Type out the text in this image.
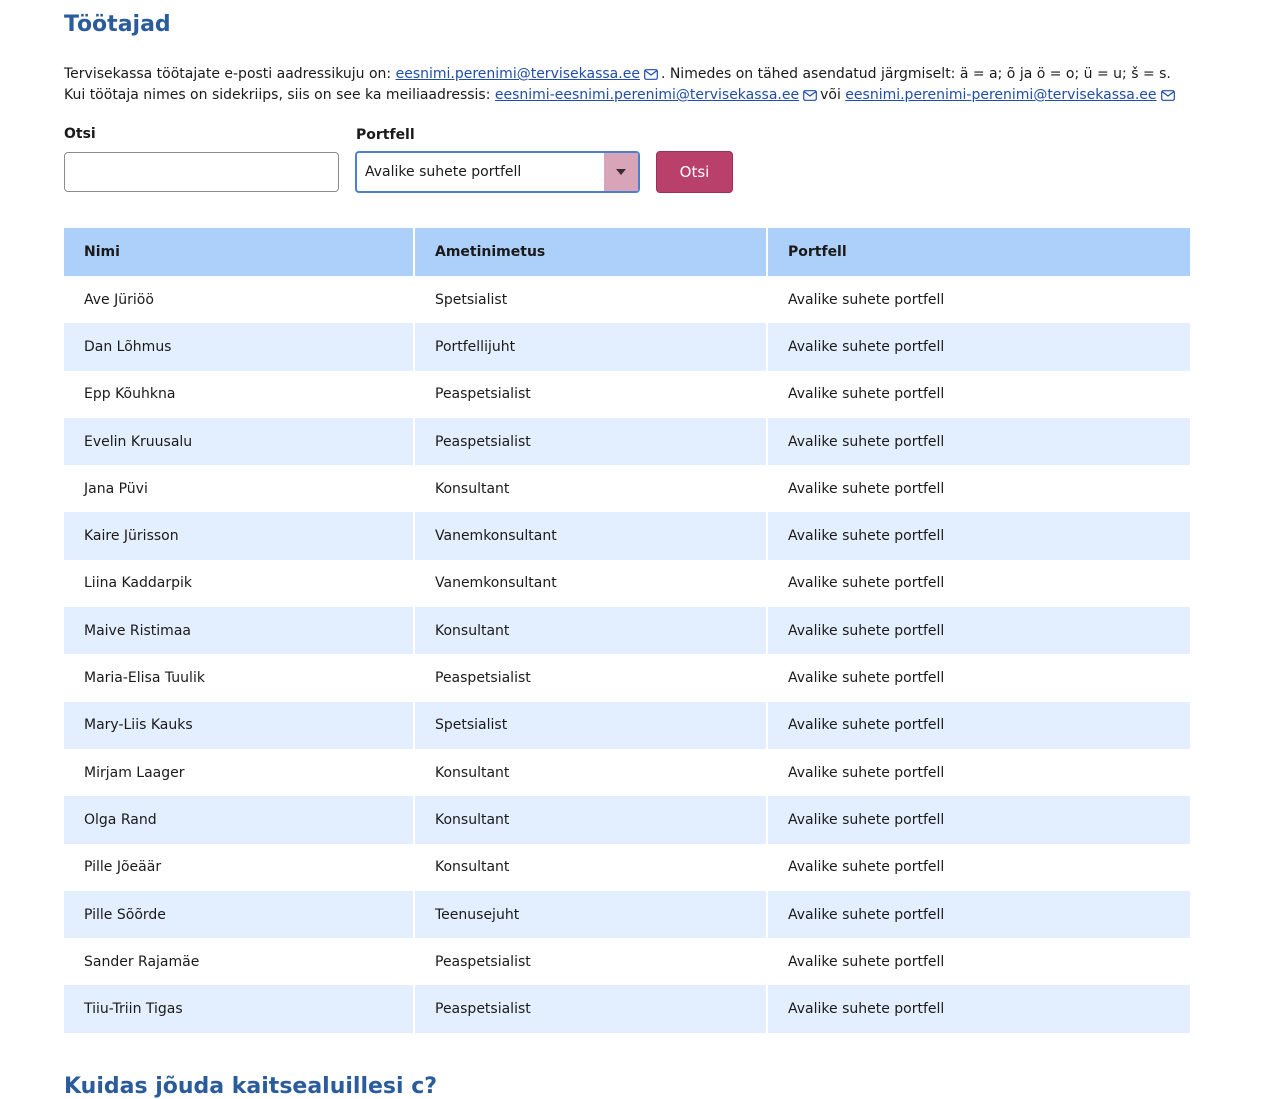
Töötajad

Tervisekassa töötajate e-posti aadressikuju on: eesnimi.perenimi@tervisekassa.ee . Nimedes on tähed asendatud järgmiselt: ä = a; õ ja ö = o; ü = u; š = s. Kui töötaja nimes on sidekriips, siis on see ka meiliaadressis: eesnimi-eesnimi.perenimi@tervisekassa.ee või eesnimi.perenimi-perenimi@tervisekassa.ee

Otsi	Portfell
Avalike suhete portfell	Otsi
Nimi	Ametinimetus	Portfell
Ave Jüriöö	Spetsialist	Avalike suhete portfell
Dan Lõhmus	Portfellijuht	Avalike suhete portfell
Epp Kõuhkna	Peaspetsialist	Avalike suhete portfell
Evelin Kruusalu	Peaspetsialist	Avalike suhete portfell
Jana Püvi	Konsultant	Avalike suhete portfell
Kaire Jürisson	Vanemkonsultant	Avalike suhete portfell
Liina Kaddarpik	Vanemkonsultant	Avalike suhete portfell
Maive Ristimaa	Konsultant	Avalike suhete portfell
Maria-Elisa Tuulik	Peaspetsialist	Avalike suhete portfell
Mary-Liis Kauks	Spetsialist	Avalike suhete portfell
Mirjam Laager	Konsultant	Avalike suhete portfell
Olga Rand	Konsultant	Avalike suhete portfell
Pille Jõeäär	Konsultant	Avalike suhete portfell
Pille Sõõrde	Teenusejuht	Avalike suhete portfell
Sander Rajamäe	Peaspetsialist	Avalike suhete portfell
Tiiu-Triin Tigas	Peaspetsialist	Avalike suhete portfell
Kuidas jõuda kaitsealuillesi c?
